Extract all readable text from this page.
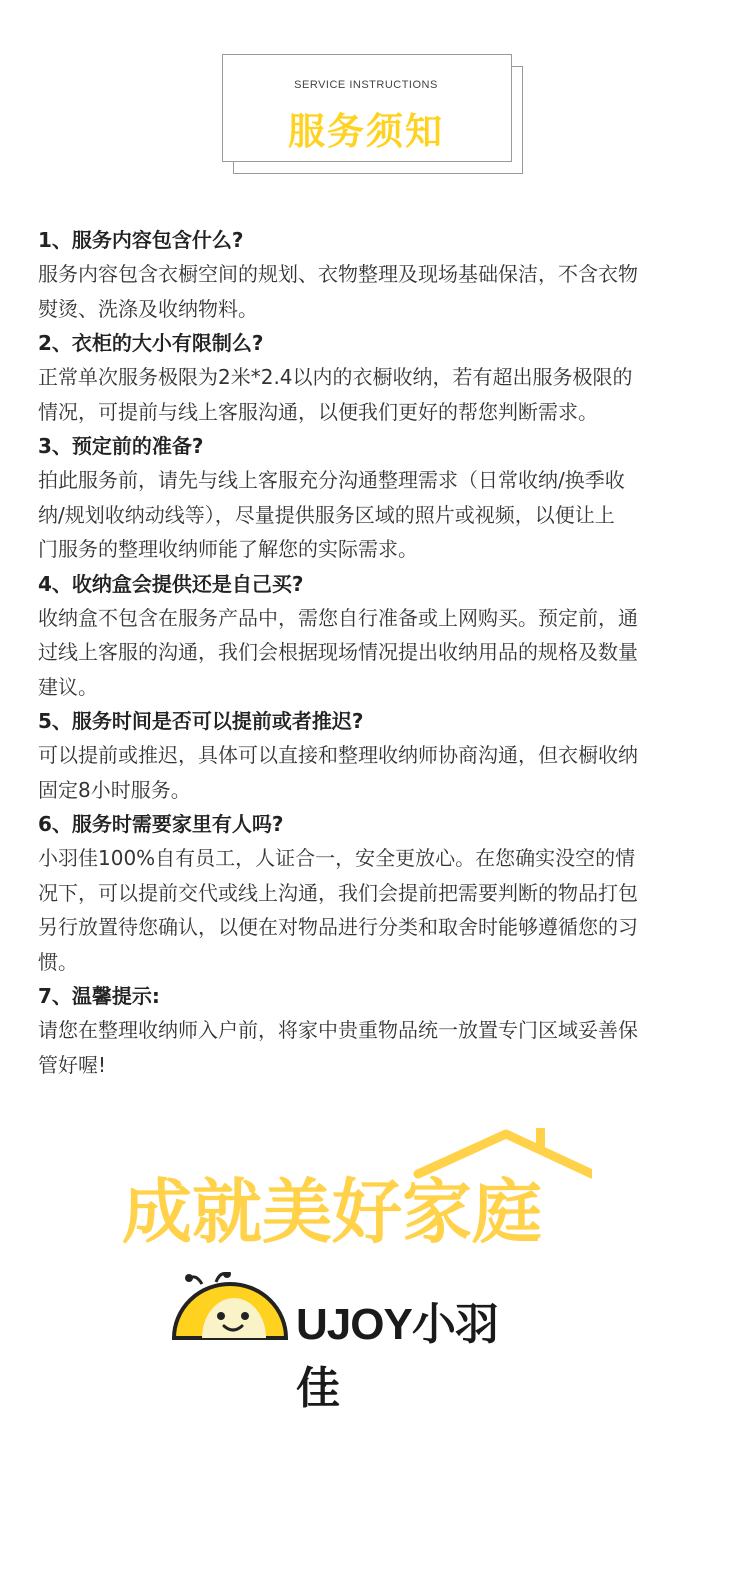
SERVICE INSTRUCTIONS
服务须知
1、服务内容包含什么?
服务内容包含衣橱空间的规划、衣物整理及现场基础保洁，不含衣物
熨烫、洗涤及收纳物料。
2、衣柜的大小有限制么?
正常单次服务极限为2米*2.4以内的衣橱收纳，若有超出服务极限的
情况，可提前与线上客服沟通，以便我们更好的帮您判断需求。
3、预定前的准备?
拍此服务前，请先与线上客服充分沟通整理需求（日常收纳/换季收
纳/规划收纳动线等），尽量提供服务区域的照片或视频，以便让上
门服务的整理收纳师能了解您的实际需求。
4、收纳盒会提供还是自己买?
收纳盒不包含在服务产品中，需您自行准备或上网购买。预定前，通
过线上客服的沟通，我们会根据现场情况提出收纳用品的规格及数量
建议。
5、服务时间是否可以提前或者推迟?
可以提前或推迟，具体可以直接和整理收纳师协商沟通，但衣橱收纳
固定8小时服务。
6、服务时需要家里有人吗?
小羽佳100%自有员工，人证合一，安全更放心。在您确实没空的情
况下，可以提前交代或线上沟通，我们会提前把需要判断的物品打包
另行放置待您确认，以便在对物品进行分类和取舍时能够遵循您的习
惯。
7、温馨提示:
请您在整理收纳师入户前，将家中贵重物品统一放置专门区域妥善保
管好喔!
成就美好家庭
UJOY小羽佳
